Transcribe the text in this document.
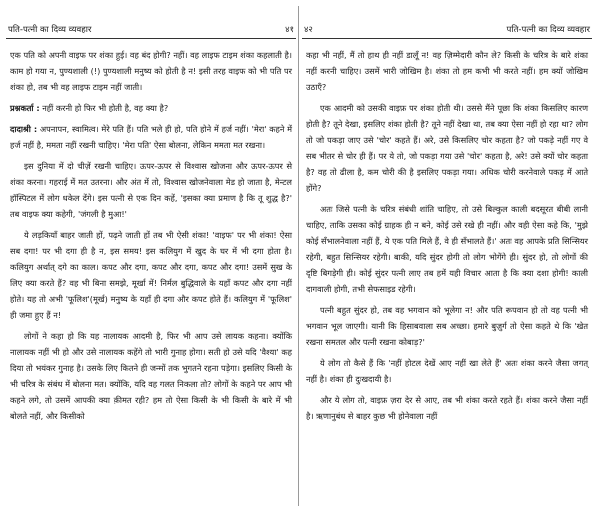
पति-पत्नी का दिव्य व्यवहार	४१

एक पति को अपनी वाइफ पर शंका हुई। वह बंद होगी? नहीं। वह लाइफ टाइम शंका कहलाती है। काम हो गया न, पुण्यशाली (!) पुण्यशाली मनुष्य को होती है न! इसी तरह वाइफ को भी पति पर शंका हो, तब भी वह लाइफ टाइम नहीं जाती।

प्रश्नकर्ता : नहीं करनी हो फिर भी होती है, वह क्या है?

दादाश्री : अपनापन, स्वामित्व। मेरे पति हैं। पति भले ही हो, पति होने में हर्ज नहीं। 'मेरा' कहने में हर्ज नहीं है, ममता नहीं रखनी चाहिए। 'मेरा पति' ऐसा बोलना, लेकिन ममता मत रखना।

इस दुनिया में दो चीज़ें रखनी चाहिए। ऊपर-ऊपर से विश्वास खोजना और ऊपर-ऊपर से शंका करना। गहराई में मत उतरना। और अंत में तो, विश्वास खोजनेवाला मेड हो जाता है, मेन्टल हॉस्पिटल में लोग धकेल देंगे। इस पत्नी से एक दिन कहें, 'इसका क्या प्रमाण है कि तू शुद्ध है?' तब वाइफ क्या कहेगी, 'जंगली है मुआ!'

ये लड़कियाँ बाहर जाती हों, पढ़ने जाती हों तब भी ऐसी शंका! 'वाइफ' पर भी शंका! ऐसा सब दगा! पर भी दगा ही है न, इस समय! इस कलियुग में खुद के घर में भी दगा होता है। कलियुग अर्थात् दगे का काल। कपट और दगा, कपट और दगा, कपट और दगा! उसमें सुख के लिए क्या करते हैं? वह भी बिना समझे, मूर्खा में! निर्मल बुद्धिवाले के यहाँ कपट और दगा नहीं होते। यह तो अभी 'फूलिश'(मूर्ख) मनुष्य के यहाँ ही दगा और कपट होते हैं। कलियुग में 'फूलिश' ही जमा हुए हैं न!

लोगों ने कहा हो कि यह नालायक आदमी है, फिर भी आप उसे लायक कहना। क्योंकि नालायक नहीं भी हो और उसे नालायक कहेंगे तो भारी गुनाह होगा। सती हो उसे यदि 'वैश्या' कह दिया तो भयंकर गुनाह है। उसके लिए कितने ही जन्मों तक भुगतने रहना पड़ेगा। इसलिए किसी के भी चरित्र के संबंध में बोलना मत। क्योंकि, यदि वह गलत निकला तो? लोगों के कहने पर आप भी कहने लगे, तो उसमें आपकी क्या क़ीमत रही? हम तो ऐसा किसी के भी किसी के बारे में भी बोलते नहीं, और किसीको

४२	पति-पत्नी का दिव्य व्यवहार

कहा भी नहीं, मैं तो हाथ ही नहीं डालूँ न! वह ज़िम्मेदारी कौन ले? किसी के चरित्र के बारे शंका नहीं करनी चाहिए। उसमें भारी जोखिम है। शंका तो हम कभी भी करते नहीं। हम क्यों जोखिम उठाएँ?

एक आदमी को उसकी वाइफ़ पर शंका होती थी। उससे मैंने पूछा कि शंका किसलिए कारण होती है? तूने देखा, इसलिए शंका होती है? तूने नहीं देखा था, तब क्या ऐसा नहीं हो रहा था? लोग तो जो पकड़ा जाए उसे 'चोर' कहते हैं। अरे, उसे किसलिए चोर कहता है? जो पकड़े नहीं गए वे सब भीतर से चोर ही हैं। पर ये तो, जो पकड़ा गया उसे 'चोर' कहता है, अरे! उसे क्यों चोर कहता है? वह तो ढीला है, कम चोरी की है इसलिए पकड़ा गया। अधिक चोरी करनेवाले पकड़ में आते होंगे?

अतः जिसे पत्नी के चरित्र संबंधी शांति चाहिए, तो उसे बिल्कुल काली बदसूरत बीबी लानी चाहिए, ताकि उसका कोई ग्राहक ही न बने, कोई उसे रखे ही नहीं। और वही ऐसा कहे कि, 'मुझे कोई सँभालनेवाला नहीं हैं, ये एक पति मिले हैं, वे ही सँभालते हैं।' अतः वह आपके प्रति सिन्सियर रहेगी, बहुत सिन्सियर रहेगी। बाकी, यदि सुंदर होगी तो लोग भोगेंगे ही। सुंदर हो, तो लोगों की दृष्टि बिगड़ेगी ही। कोई सुंदर पत्नी लाए तब हमें यही विचार आता है कि क्या दशा होगी! काली दागवाली होगी, तभी सेफसाइड रहेगी।

पत्नी बहुत सुंदर हो, तब वह भगवान को भूलेगा न! और पति रूपवान हो तो वह पत्नी भी भगवान भूल जाएगी। यानी कि हिसाबवाला सब अच्छा। हमारे बुज़ुर्ग तो ऐसा कहते थे कि 'खेत रखना समतल और पत्नी रखना कोबाड़?'

ये लोग तो कैसे हैं कि 'नहीं होटल देखें आए नहीं खा लेते हैं' अतः शंका करने जैसा जगत् नहीं है। शंका ही दुःखदायी है।

और ये लोग तो, वाइफ़ ज़रा देर से आए, तब भी शंका करते रहते हैं। शंका करने जैसा नहीं है। ऋणानुबंध से बाहर कुछ भी होनेवाला नहीं
